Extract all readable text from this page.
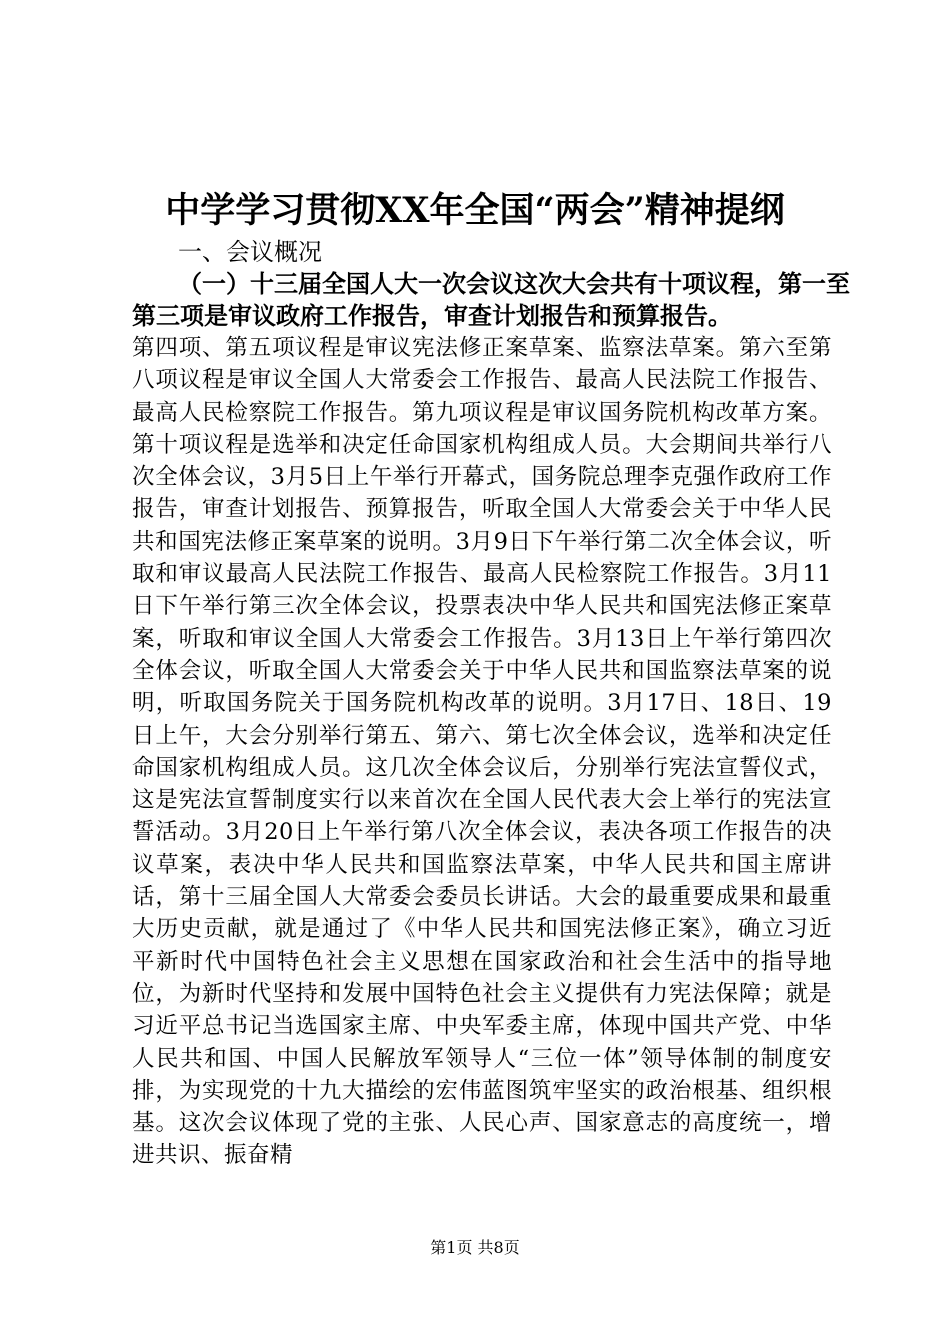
中学学习贯彻XX年全国“两会”精神提纲
一、会议概况

（一）十三届全国人大一次会议这次大会共有十项议程，第一至第三项是审议政府工作报告，审查计划报告和预算报告。

第四项、第五项议程是审议宪法修正案草案、监察法草案。第六至第八项议程是审议全国人大常委会工作报告、最高人民法院工作报告、最高人民检察院工作报告。第九项议程是审议国务院机构改革方案。第十项议程是选举和决定任命国家机构组成人员。大会期间共举行八次全体会议，3月5日上午举行开幕式，国务院总理李克强作政府工作报告，审查计划报告、预算报告，听取全国人大常委会关于中华人民共和国宪法修正案草案的说明。3月9日下午举行第二次全体会议，听取和审议最高人民法院工作报告、最高人民检察院工作报告。3月11日下午举行第三次全体会议，投票表决中华人民共和国宪法修正案草案，听取和审议全国人大常委会工作报告。3月13日上午举行第四次全体会议，听取全国人大常委会关于中华人民共和国监察法草案的说明，听取国务院关于国务院机构改革的说明。3月17日、18日、19日上午，大会分别举行第五、第六、第七次全体会议，选举和决定任命国家机构组成人员。这几次全体会议后，分别举行宪法宣誓仪式，这是宪法宣誓制度实行以来首次在全国人民代表大会上举行的宪法宣誓活动。3月20日上午举行第八次全体会议，表决各项工作报告的决议草案，表决中华人民共和国监察法草案，中华人民共和国主席讲话，第十三届全国人大常委会委员长讲话。大会的最重要成果和最重大历史贡献，就是通过了《中华人民共和国宪法修正案》，确立习近平新时代中国特色社会主义思想在国家政治和社会生活中的指导地位，为新时代坚持和发展中国特色社会主义提供有力宪法保障；就是习近平总书记当选国家主席、中央军委主席，体现中国共产党、中华人民共和国、中国人民解放军领导人“三位一体”领导体制的制度安排，为实现党的十九大描绘的宏伟蓝图筑牢坚实的政治根基、组织根基。这次会议体现了党的主张、人民心声、国家意志的高度统一，增进共识、振奋精

第1页 共8页
